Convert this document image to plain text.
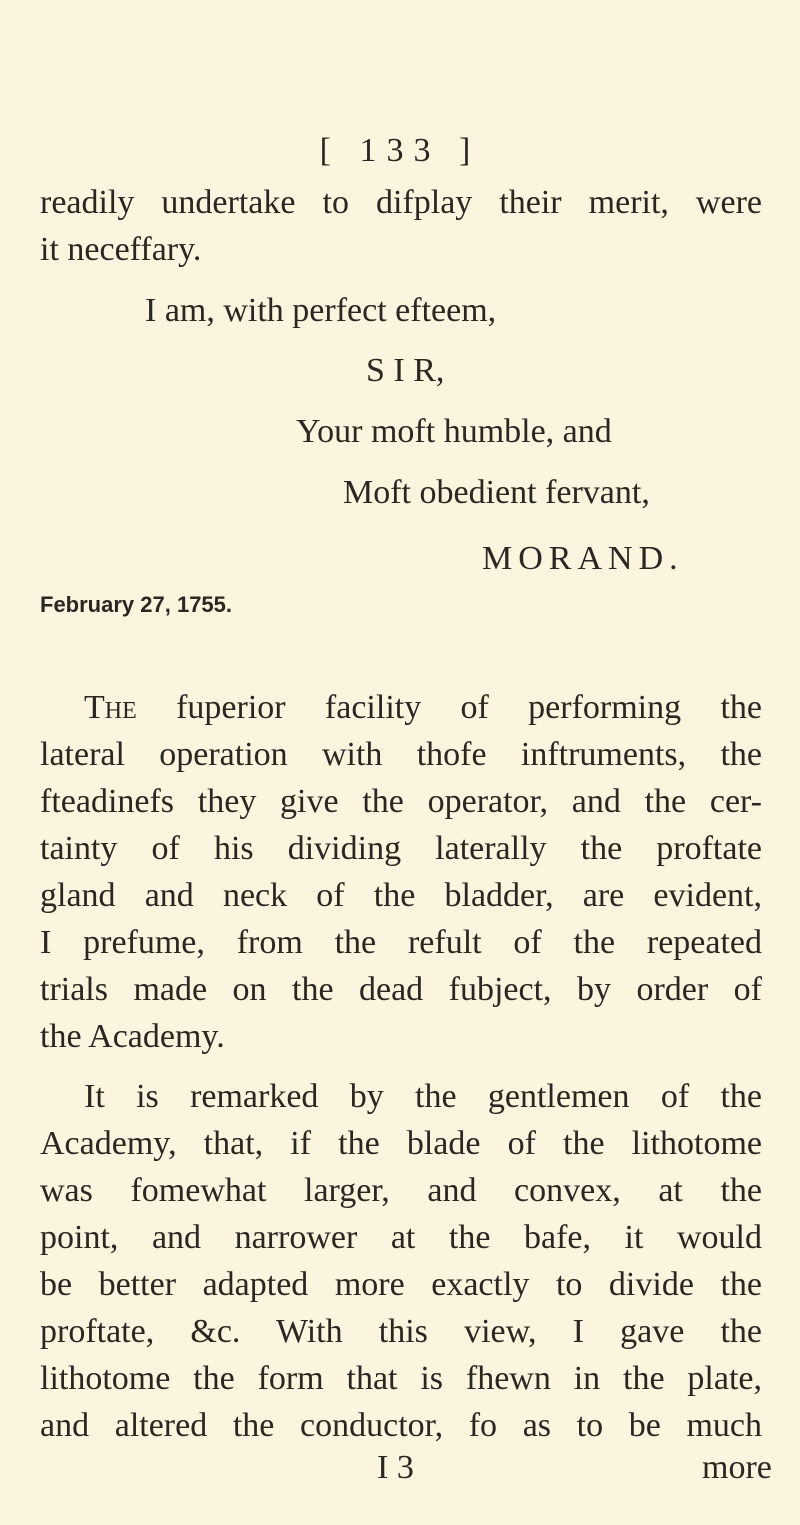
[ 133 ]
readily undertake to difplay their merit, were
it neceffary.
I am, with perfect efteem,
S I R,
Your moft humble, and
Moft obedient fervant,
MORAND.
February 27, 1755.
The fuperior facility of performing the
lateral operation with thofe inftruments, the
fteadinefs they give the operator, and the cer-
tainty of his dividing laterally the proftate
gland and neck of the bladder, are evident,
I prefume, from the refult of the repeated
trials made on the dead fubject, by order of
the Academy.
It is remarked by the gentlemen of the
Academy, that, if the blade of the lithotome
was fomewhat larger, and convex, at the
point, and narrower at the bafe, it would
be better adapted more exactly to divide the
proftate, &c. With this view, I gave the
lithotome the form that is fhewn in the plate,
and altered the conductor, fo as to be much
I 3	more
